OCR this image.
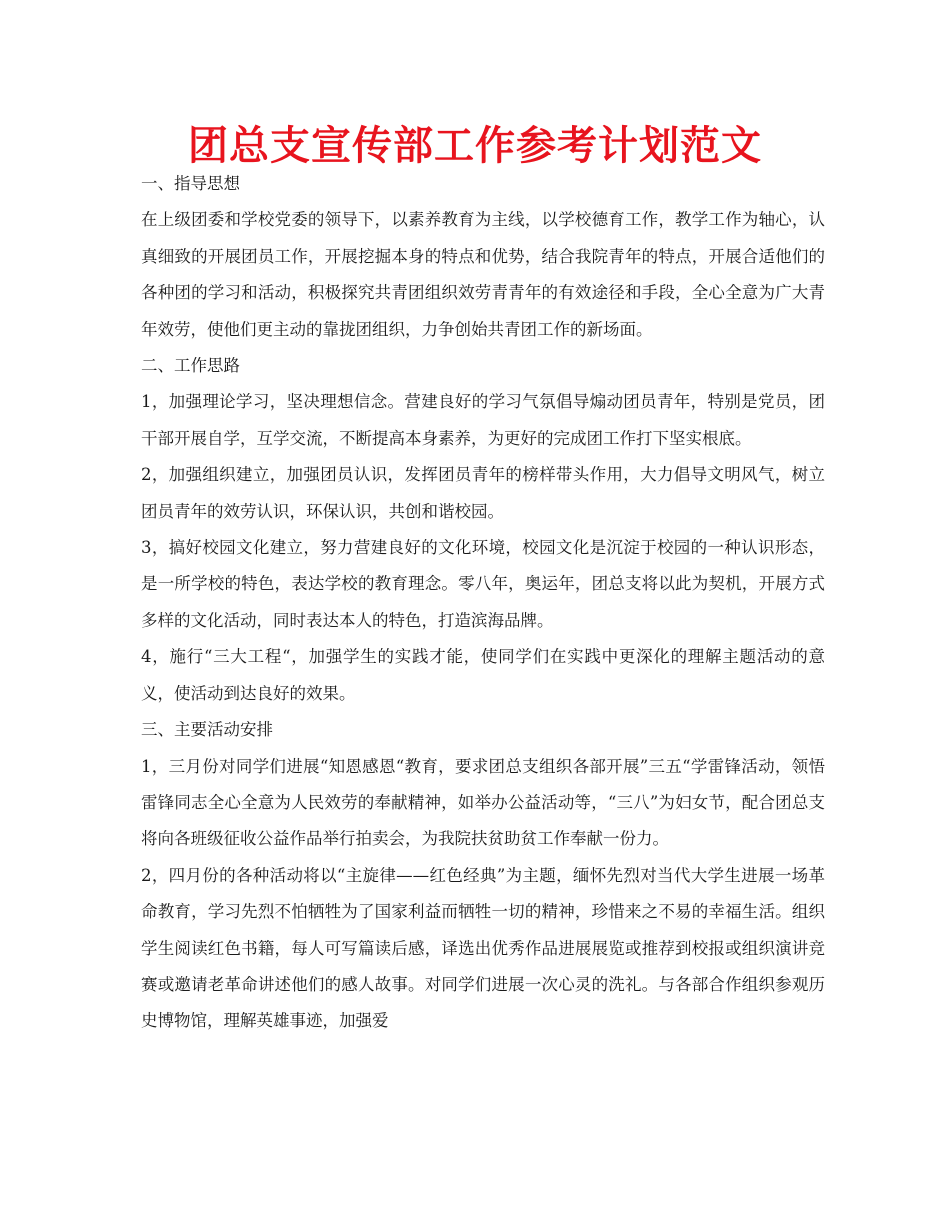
团总支宣传部工作参考计划范文

一、指导思想

在上级团委和学校党委的领导下，以素养教育为主线，以学校德育工作，教学工作为轴心，认真细致的开展团员工作，开展挖掘本身的特点和优势，结合我院青年的特点，开展合适他们的各种团的学习和活动，积极探究共青团组织效劳青青年的有效途径和手段，全心全意为广大青年效劳，使他们更主动的靠拢团组织，力争创始共青团工作的新场面。

二、工作思路

1，加强理论学习，坚决理想信念。营建良好的学习气氛倡导煽动团员青年，特别是党员，团干部开展自学，互学交流，不断提高本身素养，为更好的完成团工作打下坚实根底。

2，加强组织建立，加强团员认识，发挥团员青年的榜样带头作用，大力倡导文明风气，树立团员青年的效劳认识，环保认识，共创和谐校园。

3，搞好校园文化建立，努力营建良好的文化环境，校园文化是沉淀于校园的一种认识形态，是一所学校的特色，表达学校的教育理念。零八年，奥运年，团总支将以此为契机，开展方式多样的文化活动，同时表达本人的特色，打造滨海品牌。

4，施行“三大工程“，加强学生的实践才能，使同学们在实践中更深化的理解主题活动的意义，使活动到达良好的效果。

三、主要活动安排

1，三月份对同学们进展“知恩感恩“教育，要求团总支组织各部开展”三五“学雷锋活动，领悟雷锋同志全心全意为人民效劳的奉献精神，如举办公益活动等，“三八”为妇女节，配合团总支将向各班级征收公益作品举行拍卖会，为我院扶贫助贫工作奉献一份力。

2，四月份的各种活动将以“主旋律——红色经典”为主题，缅怀先烈对当代大学生进展一场革命教育，学习先烈不怕牺牲为了国家利益而牺牲一切的精神，珍惜来之不易的幸福生活。组织学生阅读红色书籍，每人可写篇读后感，译选出优秀作品进展展览或推荐到校报或组织演讲竞赛或邀请老革命讲述他们的感人故事。对同学们进展一次心灵的洗礼。与各部合作组织参观历史博物馆，理解英雄事迹，加强爱
